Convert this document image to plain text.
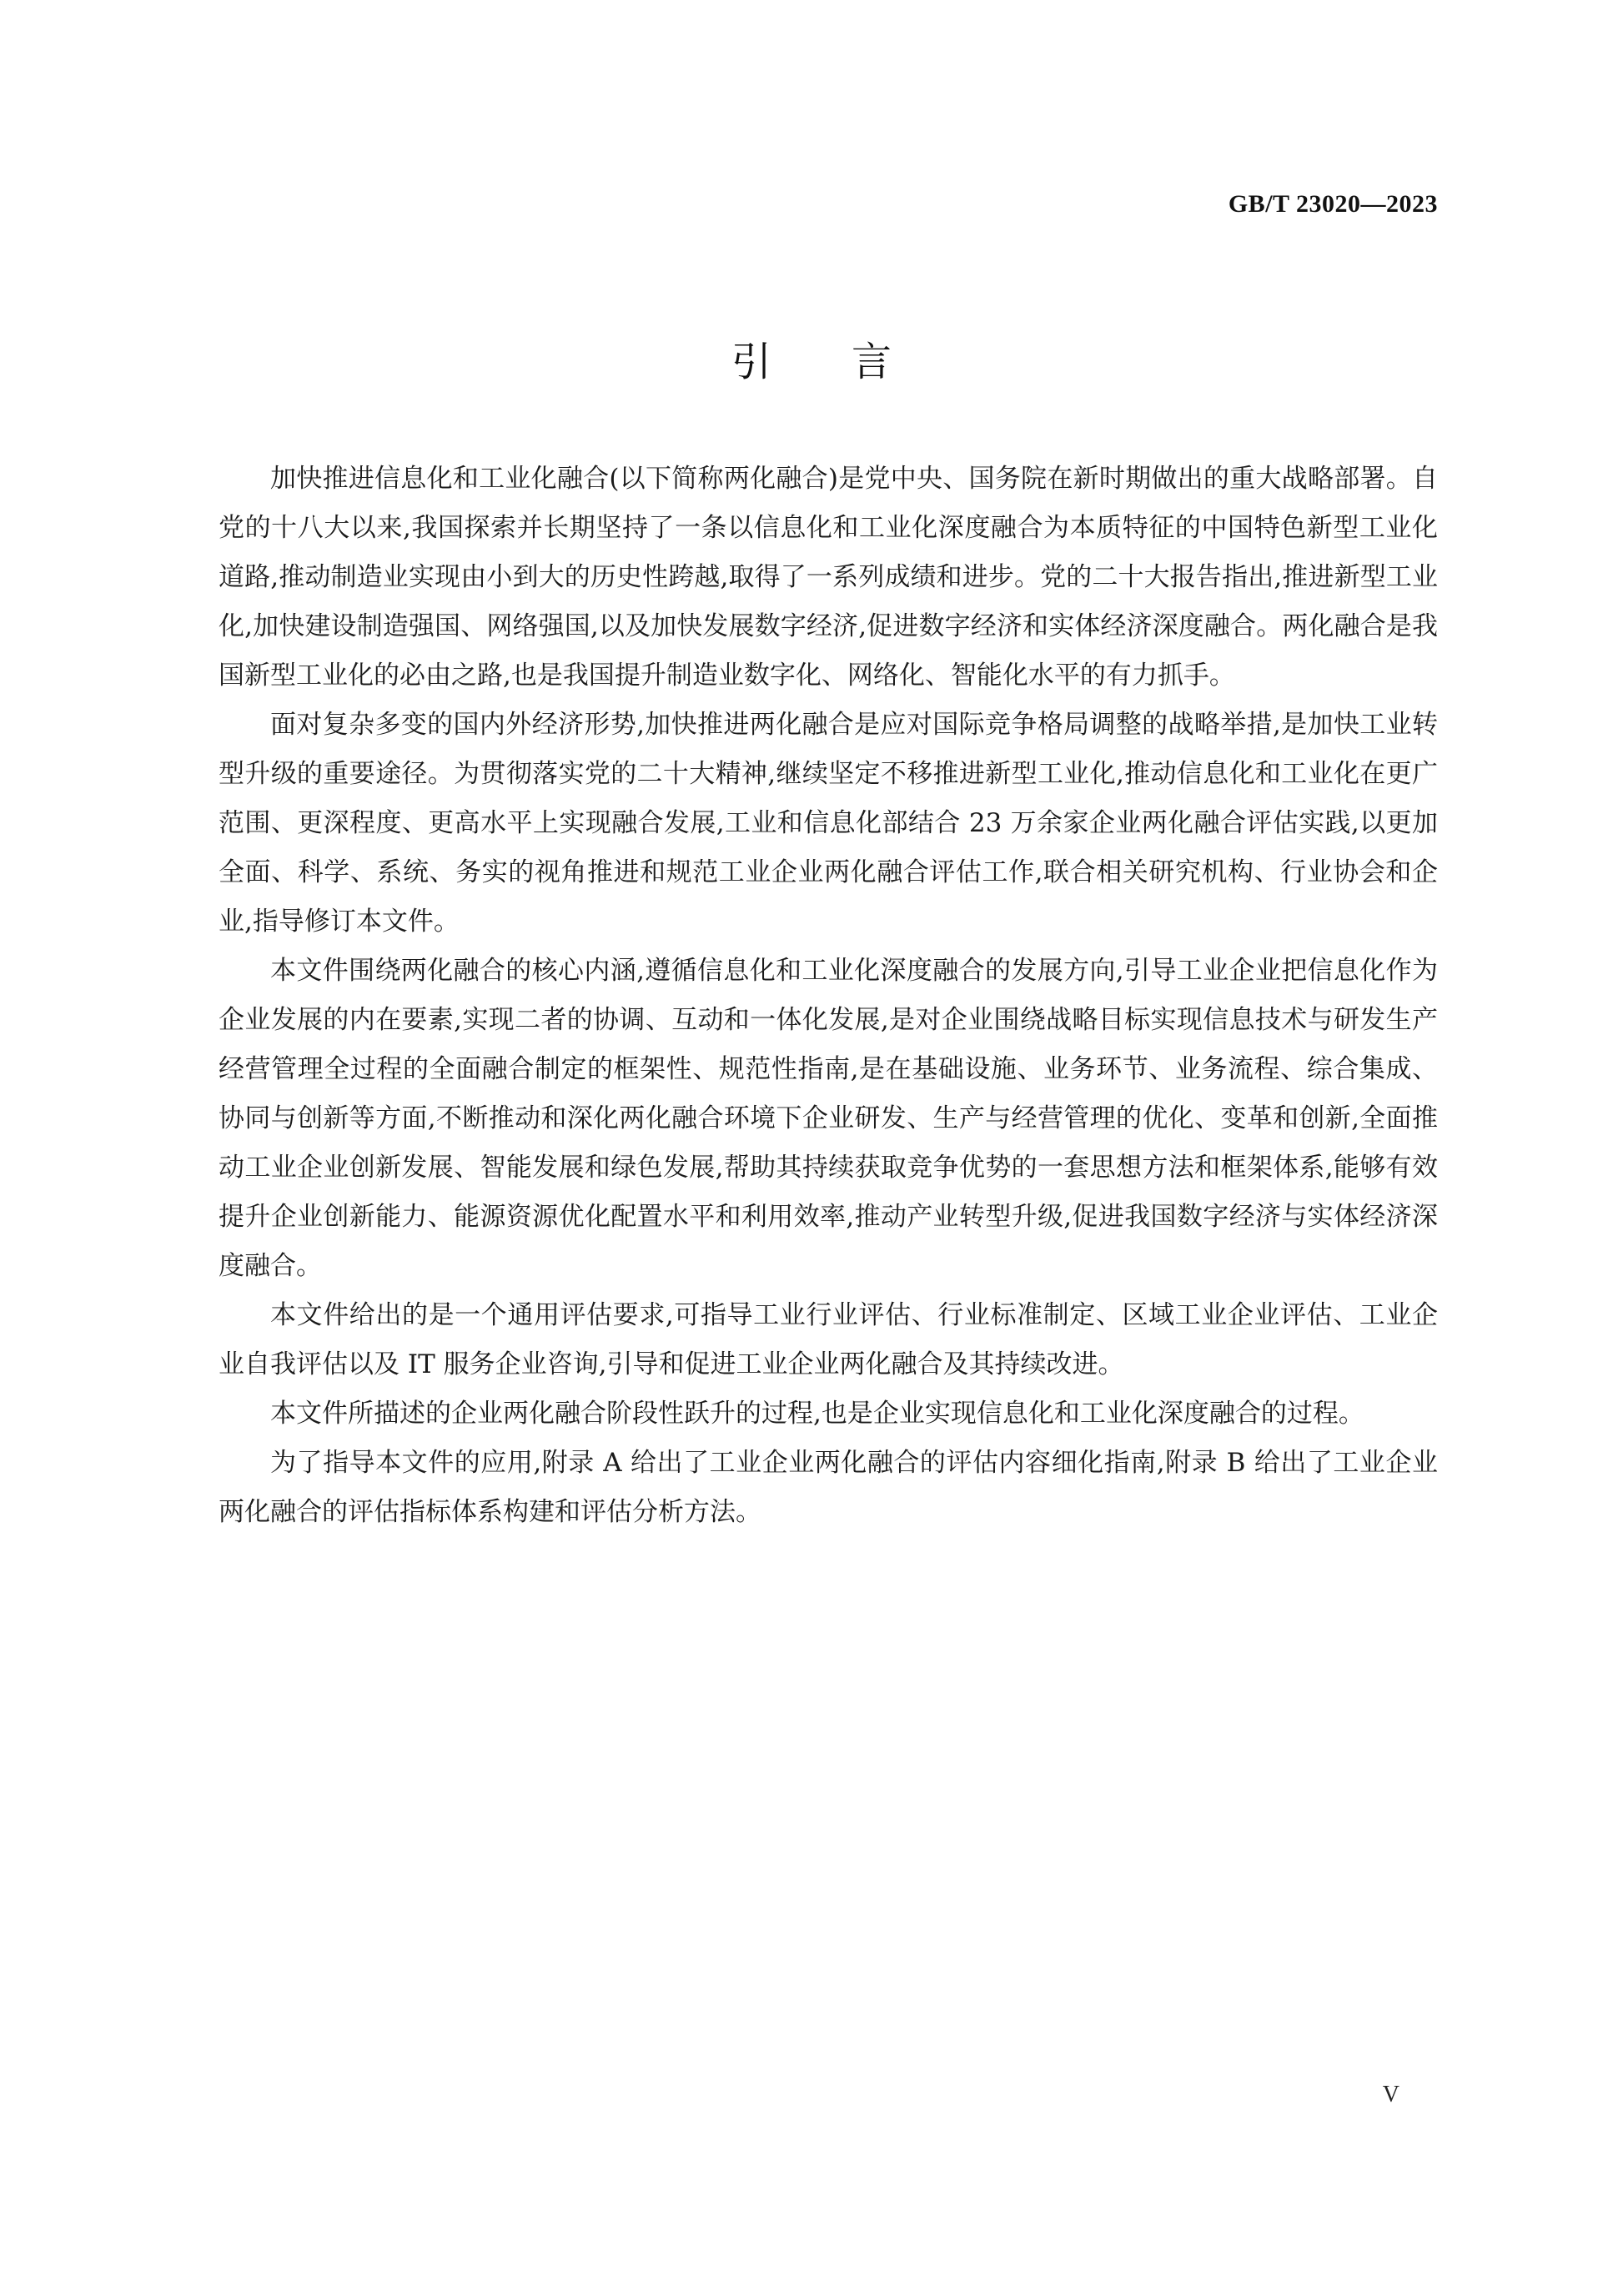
GB/T 23020—2023
引言

加快推进信息化和工业化融合(以下简称两化融合)是党中央、国务院在新时期做出的重大战略部署。自党的十八大以来,我国探索并长期坚持了一条以信息化和工业化深度融合为本质特征的中国特色新型工业化道路,推动制造业实现由小到大的历史性跨越,取得了一系列成绩和进步。党的二十大报告指出,推进新型工业化,加快建设制造强国、网络强国,以及加快发展数字经济,促进数字经济和实体经济深度融合。两化融合是我国新型工业化的必由之路,也是我国提升制造业数字化、网络化、智能化水平的有力抓手。

面对复杂多变的国内外经济形势,加快推进两化融合是应对国际竞争格局调整的战略举措,是加快工业转型升级的重要途径。为贯彻落实党的二十大精神,继续坚定不移推进新型工业化,推动信息化和工业化在更广范围、更深程度、更高水平上实现融合发展,工业和信息化部结合 23 万余家企业两化融合评估实践,以更加全面、科学、系统、务实的视角推进和规范工业企业两化融合评估工作,联合相关研究机构、行业协会和企业,指导修订本文件。

本文件围绕两化融合的核心内涵,遵循信息化和工业化深度融合的发展方向,引导工业企业把信息化作为企业发展的内在要素,实现二者的协调、互动和一体化发展,是对企业围绕战略目标实现信息技术与研发生产经营管理全过程的全面融合制定的框架性、规范性指南,是在基础设施、业务环节、业务流程、综合集成、协同与创新等方面,不断推动和深化两化融合环境下企业研发、生产与经营管理的优化、变革和创新,全面推动工业企业创新发展、智能发展和绿色发展,帮助其持续获取竞争优势的一套思想方法和框架体系,能够有效提升企业创新能力、能源资源优化配置水平和利用效率,推动产业转型升级,促进我国数字经济与实体经济深度融合。

本文件给出的是一个通用评估要求,可指导工业行业评估、行业标准制定、区域工业企业评估、工业企业自我评估以及 IT 服务企业咨询,引导和促进工业企业两化融合及其持续改进。

本文件所描述的企业两化融合阶段性跃升的过程,也是企业实现信息化和工业化深度融合的过程。

为了指导本文件的应用,附录 A 给出了工业企业两化融合的评估内容细化指南,附录 B 给出了工业企业两化融合的评估指标体系构建和评估分析方法。

V
